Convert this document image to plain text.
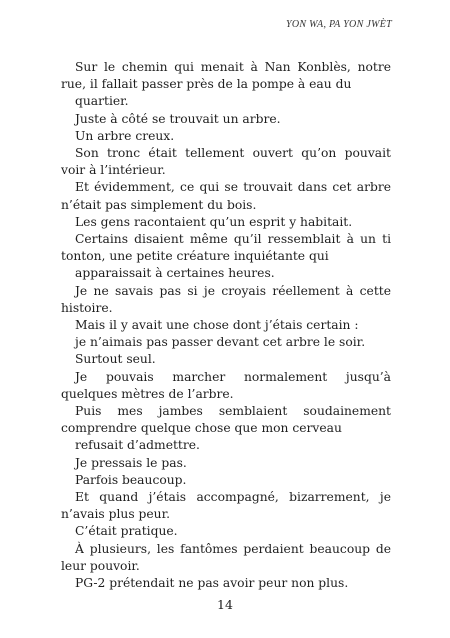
YON WA, PA YON JWÈT

Sur le chemin qui menait à Nan Konblès, notre rue, il fallait passer près de la pompe à eau du

quartier.

Juste à côté se trouvait un arbre.

Un arbre creux.

Son tronc était tellement ouvert qu’on pouvait voir à l’intérieur.

Et évidemment, ce qui se trouvait dans cet arbre n’était pas simplement du bois.

Les gens racontaient qu’un esprit y habitait.

Certains disaient même qu’il ressemblait à un ti tonton, une petite créature inquiétante qui

apparaissait à certaines heures.

Je ne savais pas si je croyais réellement à cette histoire.

Mais il y avait une chose dont j’étais certain :

je n’aimais pas passer devant cet arbre le soir.

Surtout seul.

Je pouvais marcher normalement jusqu’à quelques mètres de l’arbre.

Puis mes jambes semblaient soudainement comprendre quelque chose que mon cerveau

refusait d’admettre.

Je pressais le pas.

Parfois beaucoup.

Et quand j’étais accompagné, bizarrement, je n’avais plus peur.

C’était pratique.

À plusieurs, les fantômes perdaient beaucoup de leur pouvoir.

PG-2 prétendait ne pas avoir peur non plus.

14
